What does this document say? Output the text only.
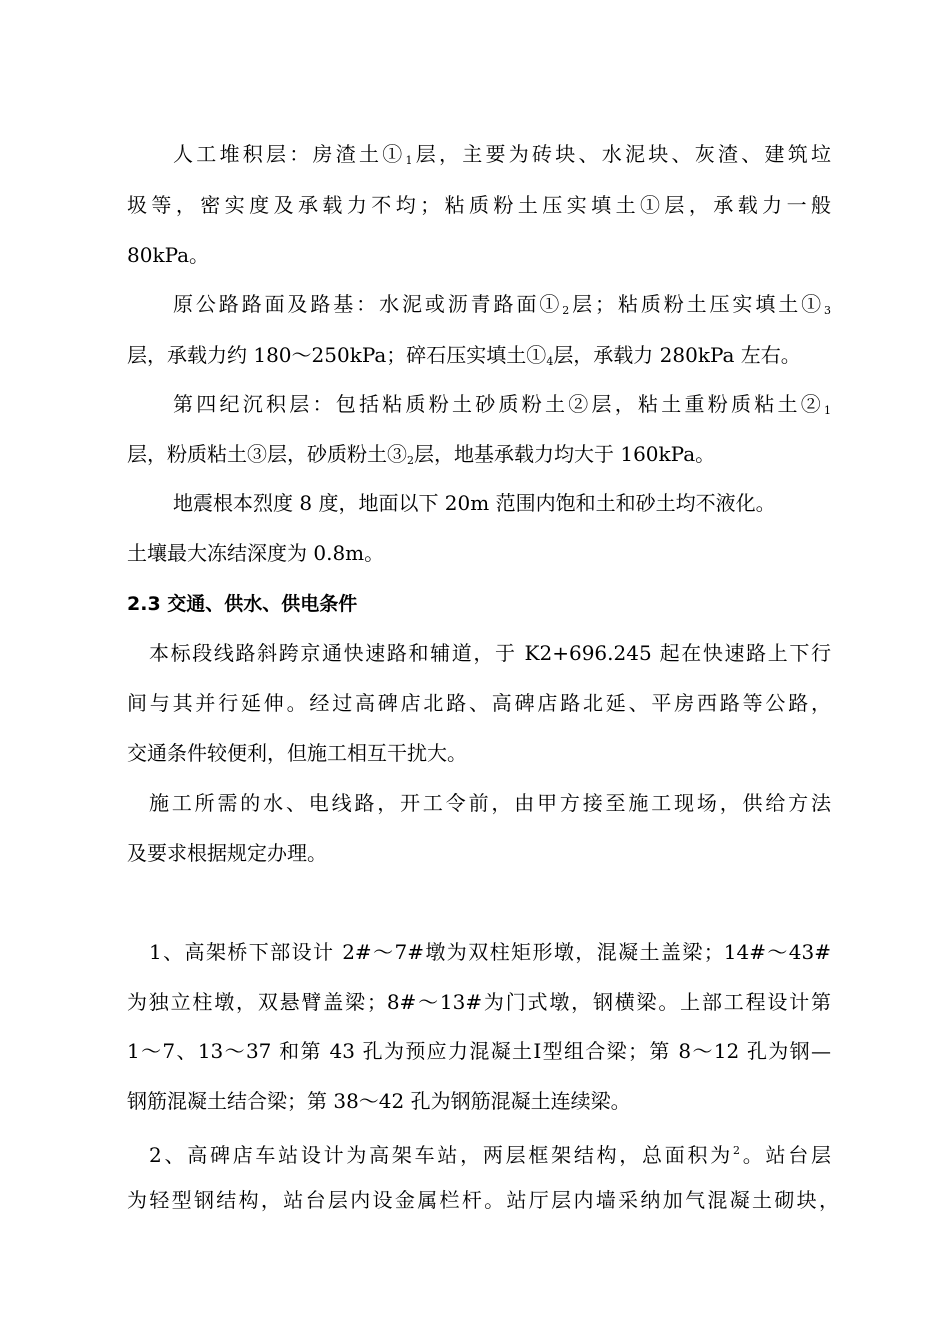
人工堆积层：房渣土$①_1$层，主要为砖块、水泥块、灰渣、建筑垃
圾等，密实度及承载力不均；粘质粉土压实填土①层，承载力一般
80kPa。
原公路路面及路基：水泥或沥青路面$①_2$层；粘质粉土压实填土$①_3$
层，承载力约 180～250kPa；碎石压实填土$①_4$层，承载力 280kPa 左右。
第四纪沉积层：包括粘质粉土砂质粉土②层，粘土重粉质粘土$②_1$
层，粉质粘土③层，砂质粉土$③_2$层，地基承载力均大于 160kPa。
地震根本烈度 8 度，地面以下 20m 范围内饱和土和砂土均不液化。
土壤最大冻结深度为 0.8m。
2.3 交通、供水、供电条件
本标段线路斜跨京通快速路和辅道，于 K2+696.245 起在快速路上下行
间与其并行延伸。经过高碑店北路、高碑店路北延、平房西路等公路，
交通条件较便利，但施工相互干扰大。
施工所需的水、电线路，开工令前，由甲方接至施工现场，供给方法
及要求根据规定办理。
1、高架桥下部设计 2#～7#墩为双柱矩形墩，混凝土盖梁；14#～43#
为独立柱墩，双悬臂盖梁；8#～13#为门式墩，钢横梁。上部工程设计第
1～7、13～37 和第 43 孔为预应力混凝土Ⅰ型组合梁；第 8～12 孔为钢—
钢筋混凝土结合梁；第 38～42 孔为钢筋混凝土连续梁。
2、高碑店车站设计为高架车站，两层框架结构，总面积为$^2$。站台层
为轻型钢结构，站台层内设金属栏杆。站厅层内墙采纳加气混凝土砌块，
